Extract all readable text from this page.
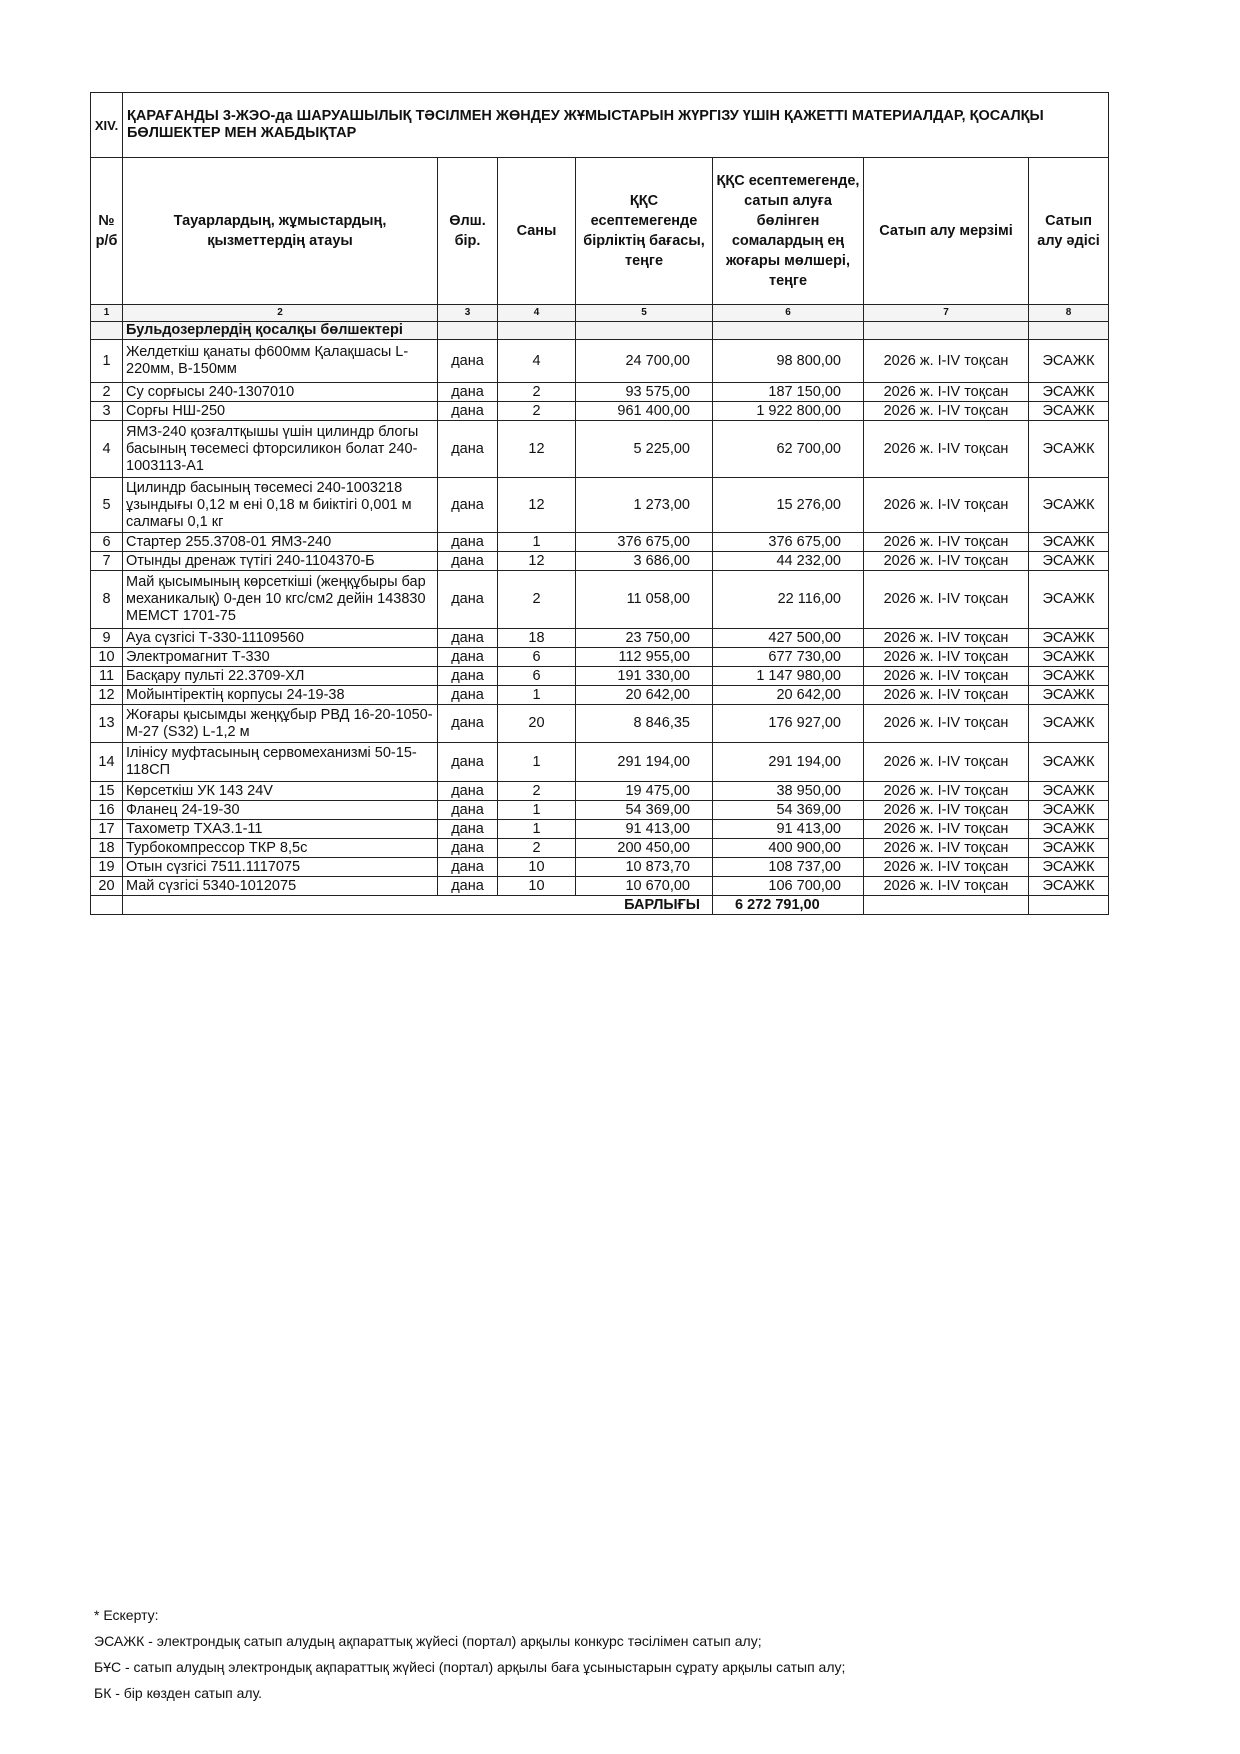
XIV.	ҚАРАҒАНДЫ 3-ЖЭО-да ШАРУАШЫЛЫҚ ТӘСІЛМЕН ЖӨНДЕУ ЖҰМЫСТАРЫН ЖҮРГІЗУ ҮШІН ҚАЖЕТТІ МАТЕРИАЛДАР, ҚОСАЛҚЫ БӨЛШЕКТЕР МЕН ЖАБДЫҚТАР						
№ р/б	Тауарлардың, жұмыстардың, қызметтердің атауы	Өлш. бір.	Саны	ҚҚС есептемегенде бірліктің бағасы, теңге	ҚҚС есептемегенде, сатып алуға бөлінген сомалардың ең жоғары мөлшері, теңге	Сатып алу мерзімі	Сатып алу әдісі
1	2	3	4	5	6	7	8
	Бульдозерлердің қосалқы бөлшектері						
1	Желдеткіш қанаты ф600мм Қалақшасы L-220мм, В-150мм	дана	4	24 700,00	98 800,00	2026 ж. I-IV тоқсан	ЭСАЖК
2	Су сорғысы 240-1307010	дана	2	93 575,00	187 150,00	2026 ж. I-IV тоқсан	ЭСАЖК
3	Сорғы НШ-250	дана	2	961 400,00	1 922 800,00	2026 ж. I-IV тоқсан	ЭСАЖК
4	ЯМЗ-240 қозғалтқышы үшін цилиндр блогы басының төсемесі фторсиликон болат 240-1003113-А1	дана	12	5 225,00	62 700,00	2026 ж. I-IV тоқсан	ЭСАЖК
5	Цилиндр басының төсемесі 240-1003218 ұзындығы 0,12 м ені 0,18 м биіктігі 0,001 м салмағы 0,1 кг	дана	12	1 273,00	15 276,00	2026 ж. I-IV тоқсан	ЭСАЖК
6	Стартер 255.3708-01 ЯМЗ-240	дана	1	376 675,00	376 675,00	2026 ж. I-IV тоқсан	ЭСАЖК
7	Отынды дренаж түтігі 240-1104370-Б	дана	12	3 686,00	44 232,00	2026 ж. I-IV тоқсан	ЭСАЖК
8	Май қысымының көрсеткіші (жеңқұбыры бар механикалық) 0-ден 10 кгс/см2 дейін 143830 МЕМСТ 1701-75	дана	2	11 058,00	22 116,00	2026 ж. I-IV тоқсан	ЭСАЖК
9	Ауа сүзгісі Т-330-11109560	дана	18	23 750,00	427 500,00	2026 ж. I-IV тоқсан	ЭСАЖК
10	Электромагнит Т-330	дана	6	112 955,00	677 730,00	2026 ж. I-IV тоқсан	ЭСАЖК
11	Басқару пульті 22.3709-ХЛ	дана	6	191 330,00	1 147 980,00	2026 ж. I-IV тоқсан	ЭСАЖК
12	Мойынтіректің корпусы 24-19-38	дана	1	20 642,00	20 642,00	2026 ж. I-IV тоқсан	ЭСАЖК
13	Жоғары қысымды жеңқұбыр РВД 16-20-1050-М-27 (S32) L-1,2 м	дана	20	8 846,35	176 927,00	2026 ж. I-IV тоқсан	ЭСАЖК
14	Ілінісу муфтасының сервомеханизмі 50-15-118СП	дана	1	291 194,00	291 194,00	2026 ж. I-IV тоқсан	ЭСАЖК
15	Көрсеткіш УК 143 24V	дана	2	19 475,00	38 950,00	2026 ж. I-IV тоқсан	ЭСАЖК
16	Фланец 24-19-30	дана	1	54 369,00	54 369,00	2026 ж. I-IV тоқсан	ЭСАЖК
17	Тахометр ТХАЗ.1-11	дана	1	91 413,00	91 413,00	2026 ж. I-IV тоқсан	ЭСАЖК
18	Турбокомпрессор ТКР 8,5с	дана	2	200 450,00	400 900,00	2026 ж. I-IV тоқсан	ЭСАЖК
19	Отын сүзгісі 7511.1117075	дана	10	10 873,70	108 737,00	2026 ж. I-IV тоқсан	ЭСАЖК
20	Май сүзгісі 5340-1012075	дана	10	10 670,00	106 700,00	2026 ж. I-IV тоқсан	ЭСАЖК
	БАРЛЫҒЫ				6 272 791,00		
* Ескерту:
ЭСАЖК - электрондық сатып алудың ақпараттық жүйесі (портал) арқылы конкурс тәсілімен сатып алу;
БҰС - сатып алудың электрондық ақпараттық жүйесі (портал) арқылы баға ұсыныстарын сұрату арқылы сатып алу;
БК - бір көзден сатып алу.
